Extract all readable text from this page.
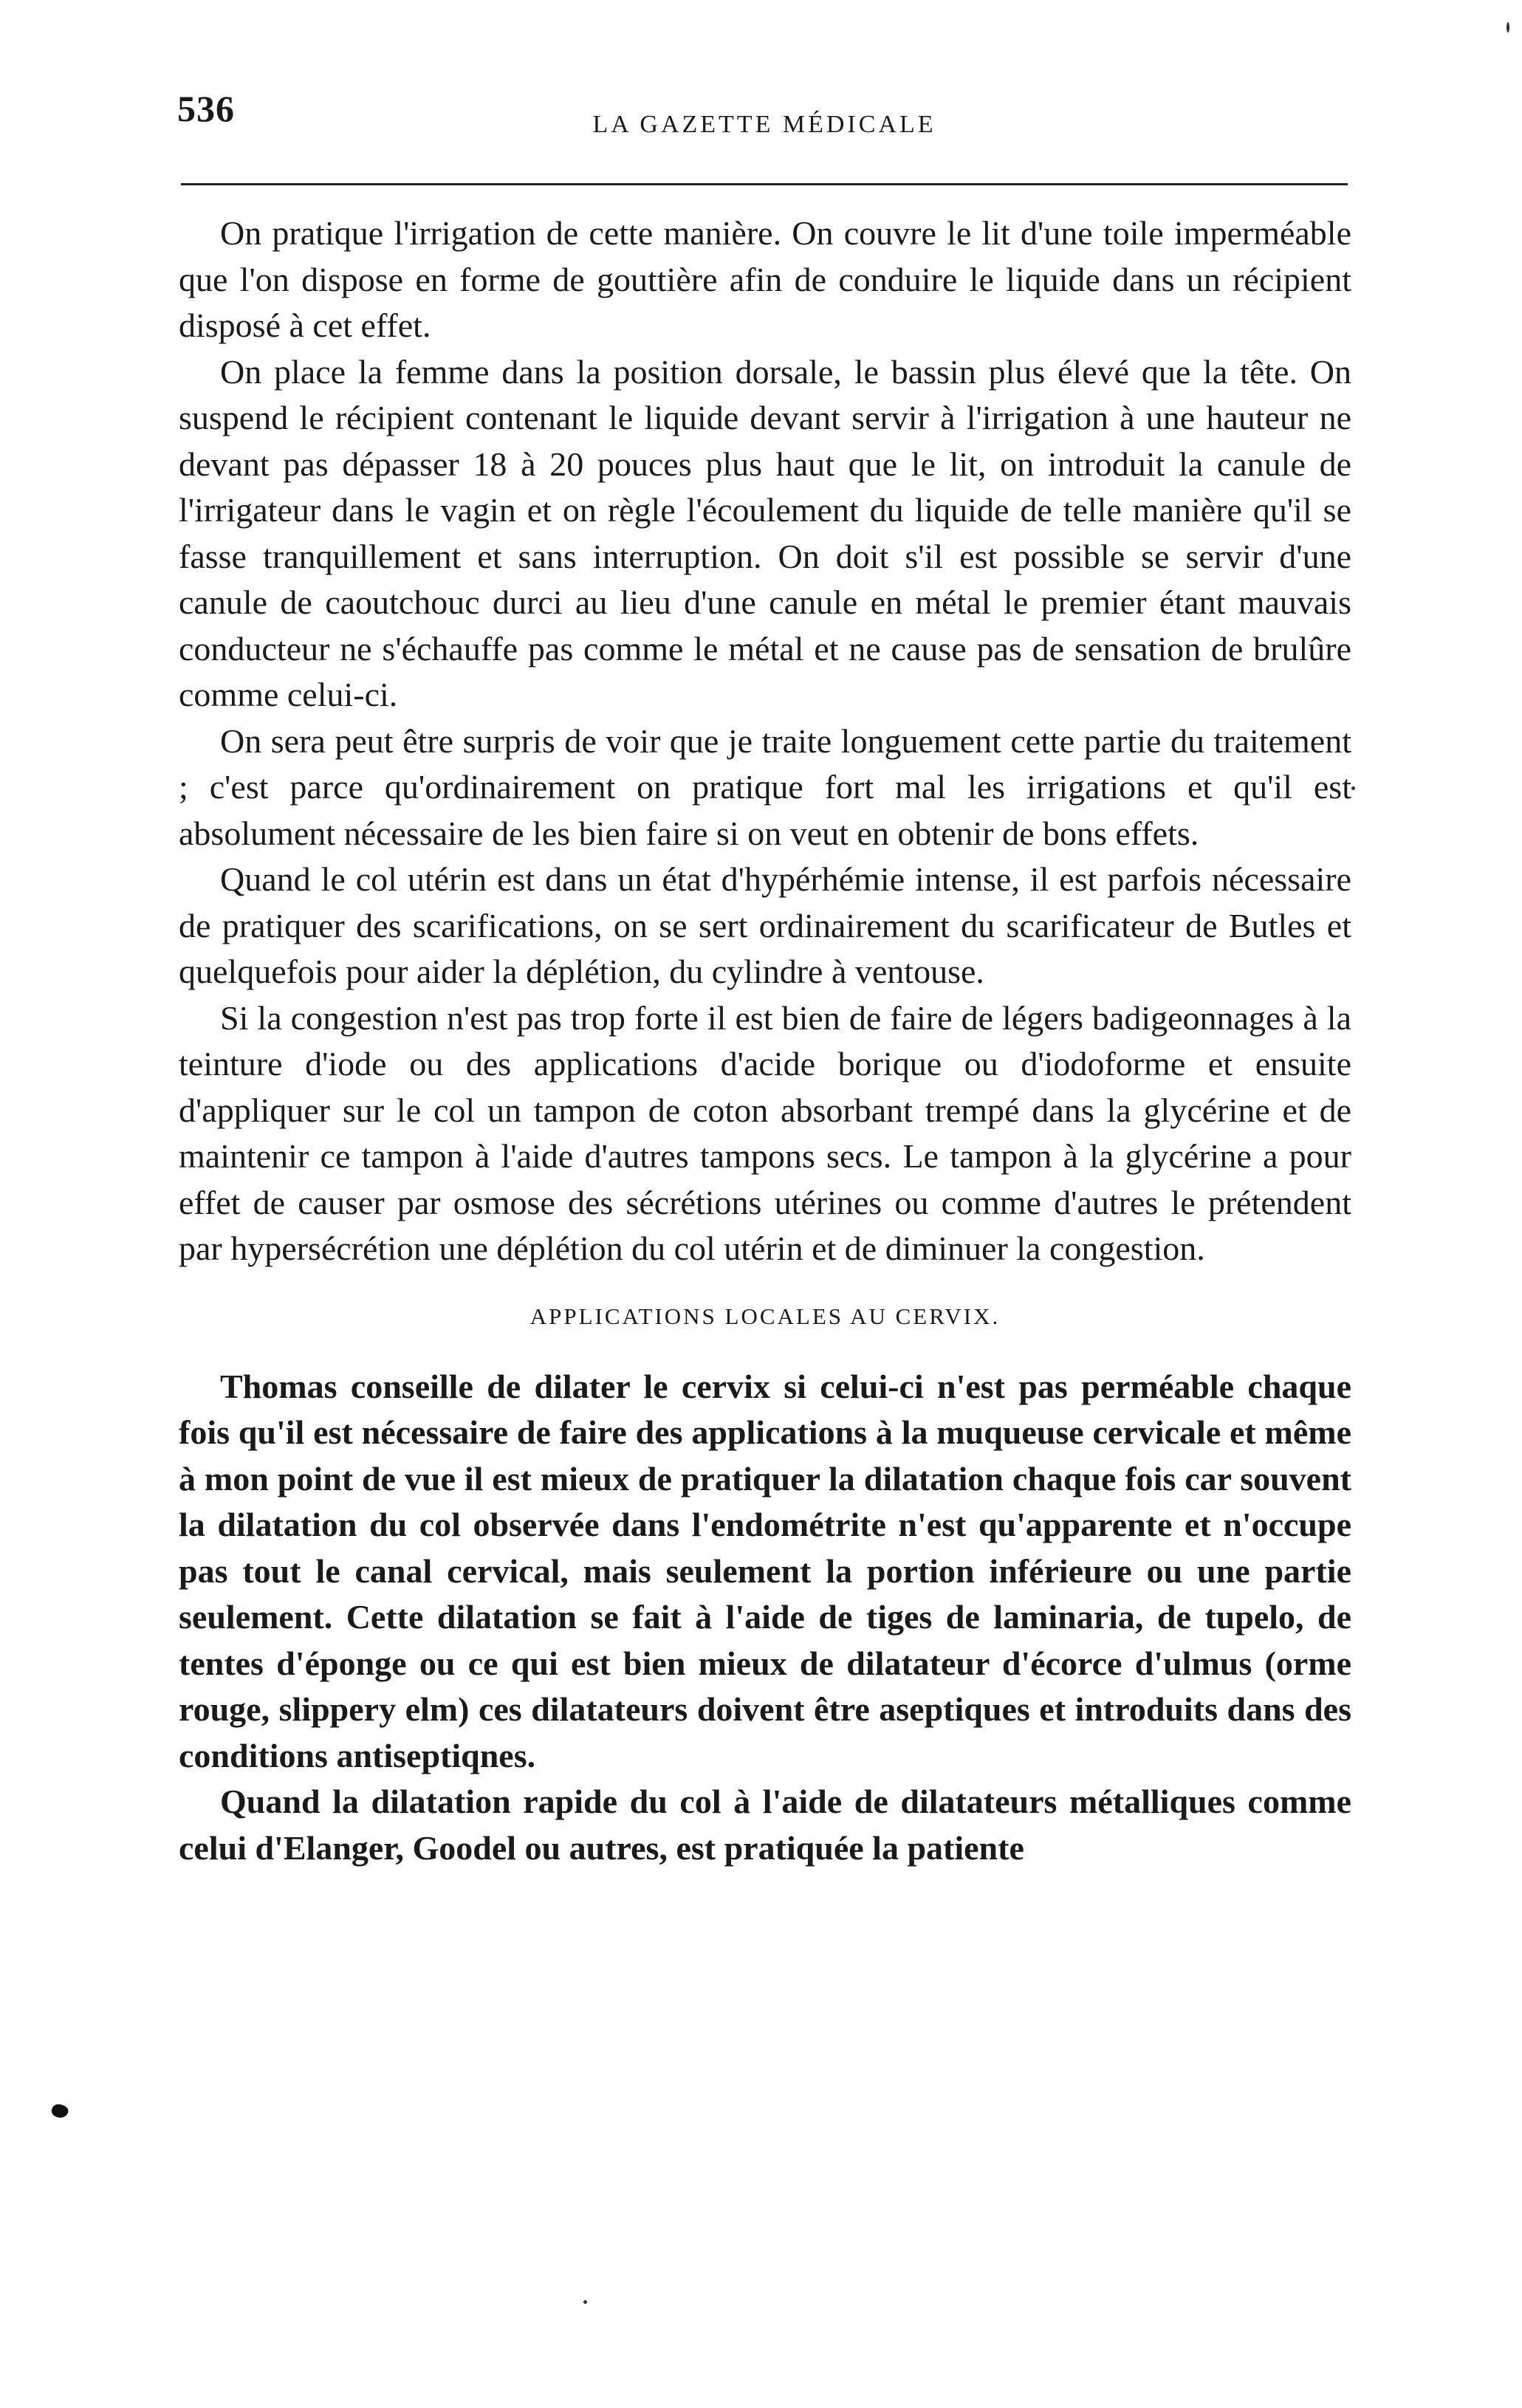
536	LA GAZETTE MÉDICALE

On pratique l'irrigation de cette manière. On couvre le lit d'une toile imperméable que l'on dispose en forme de gouttière afin de conduire le liquide dans un récipient disposé à cet effet.

On place la femme dans la position dorsale, le bassin plus élevé que la tête. On suspend le récipient contenant le liquide devant servir à l'irrigation à une hauteur ne devant pas dépasser 18 à 20 pouces plus haut que le lit, on introduit la canule de l'irrigateur dans le vagin et on règle l'écoulement du liquide de telle manière qu'il se fasse tranquillement et sans interruption. On doit s'il est possible se servir d'une canule de caoutchouc durci au lieu d'une canule en métal le premier étant mauvais conducteur ne s'échauffe pas comme le métal et ne cause pas de sensation de brulûre comme celui-ci.

On sera peut être surpris de voir que je traite longuement cette partie du traitement ; c'est parce qu'ordinairement on pratique fort mal les irrigations et qu'il est absolument nécessaire de les bien faire si on veut en obtenir de bons effets.

Quand le col utérin est dans un état d'hypérhémie intense, il est parfois nécessaire de pratiquer des scarifications, on se sert ordinairement du scarificateur de Butles et quelquefois pour aider la déplétion, du cylindre à ventouse.

Si la congestion n'est pas trop forte il est bien de faire de légers badigeonnages à la teinture d'iode ou des applications d'acide borique ou d'iodoforme et ensuite d'appliquer sur le col un tampon de coton absorbant trempé dans la glycérine et de maintenir ce tampon à l'aide d'autres tampons secs. Le tampon à la glycérine a pour effet de causer par osmose des sécrétions utérines ou comme d'autres le prétendent par hypersécrétion une déplétion du col utérin et de diminuer la congestion.

APPLICATIONS LOCALES AU CERVIX.

Thomas conseille de dilater le cervix si celui-ci n'est pas perméable chaque fois qu'il est nécessaire de faire des applications à la muqueuse cervicale et même à mon point de vue il est mieux de pratiquer la dilatation chaque fois car souvent la dilatation du col observée dans l'endométrite n'est qu'apparente et n'occupe pas tout le canal cervical, mais seulement la portion inférieure ou une partie seulement. Cette dilatation se fait à l'aide de tiges de laminaria, de tupelo, de tentes d'éponge ou ce qui est bien mieux de dilatateur d'écorce d'ulmus (orme rouge, slippery elm) ces dilatateurs doivent être aseptiques et introduits dans des conditions antiseptiqnes.

Quand la dilatation rapide du col à l'aide de dilatateurs métalliques comme celui d'Elanger, Goodel ou autres, est pratiquée la patiente
